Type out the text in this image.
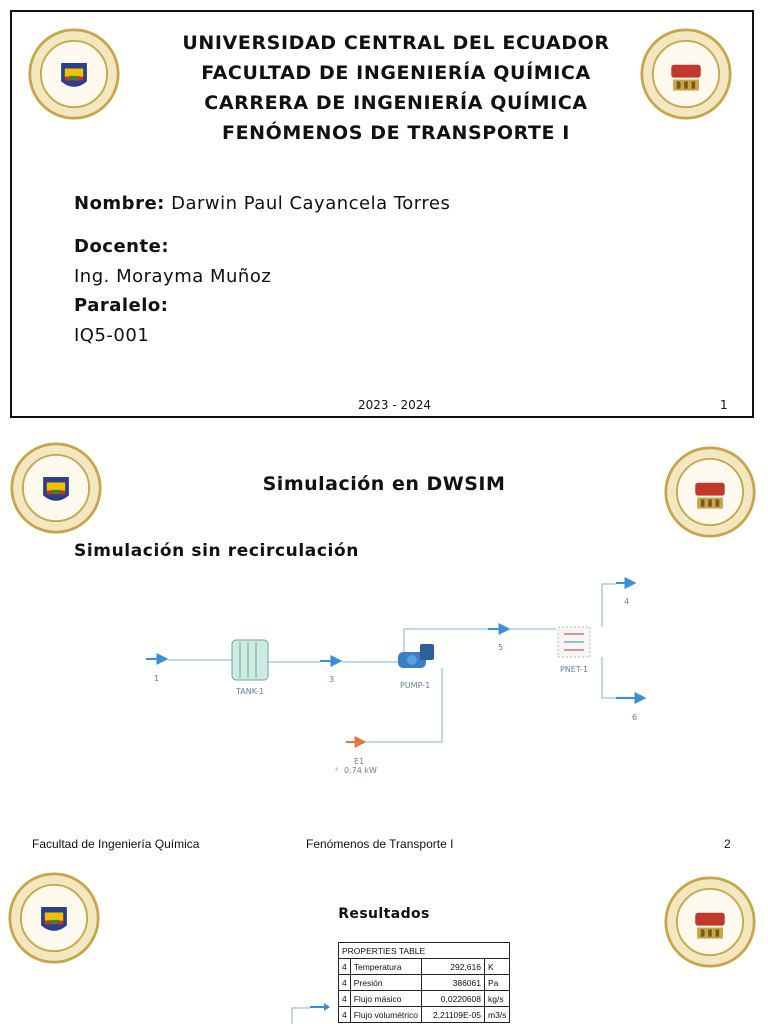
UNIVERSIDAD CENTRAL DEL ECUADOR
FACULTAD DE INGENIERÍA QUÍMICA
CARRERA DE INGENIERÍA QUÍMICA
FENÓMENOS DE TRANSPORTE I
Nombre: Darwin Paul Cayancela Torres
Docente:
Ing. Morayma Muñoz
Paralelo:
IQ5-001
2023 - 2024	1
Simulación en DWSIM
Simulación sin recirculación
1
TANK-1
3
PUMP-1
5
PNET-1
4
6
E1
⚡ 0.74 kW
Facultad de Ingeniería Química	Fenómenos de Transporte I	2
Resultados
PROPERTIES TABLE			
4	Temperatura	292,616	K
4	Presión	386061	Pa
4	Flujo másico	0,0220608	kg/s
4	Flujo volumétrico	2,21109E-05	m3/s
